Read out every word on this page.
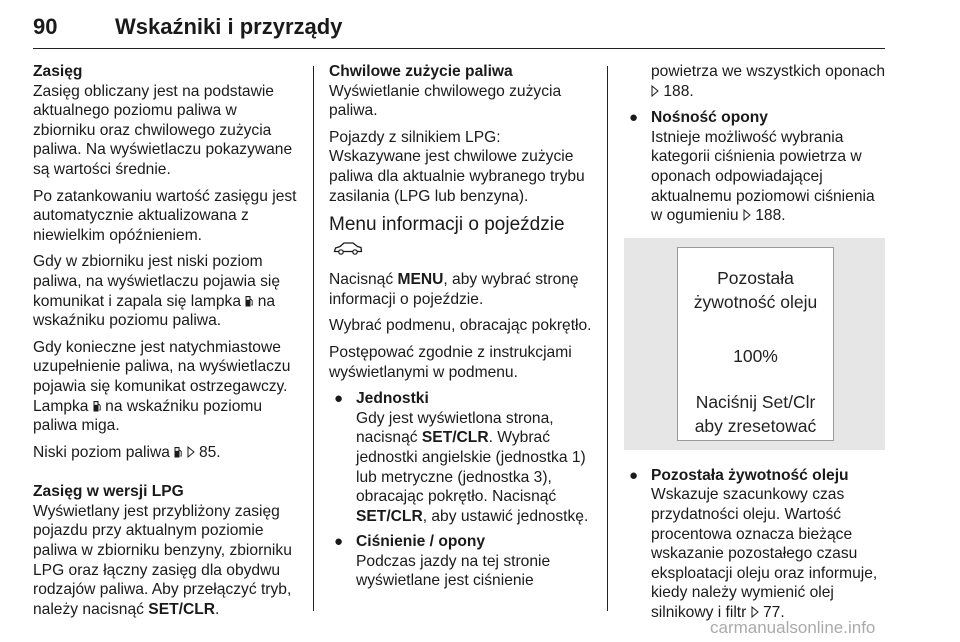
90	Wskaźniki i przyrządy
Zasięg

Zasięg obliczany jest na podstawie aktualnego poziomu paliwa w zbiorniku oraz chwilowego zużycia paliwa. Na wyświetlaczu pokazywane są wartości średnie.

Po zatankowaniu wartość zasięgu jest automatycznie aktualizowana z niewielkim opóźnieniem.

Gdy w zbiorniku jest niski poziom paliwa, na wyświetlaczu pojawia się komunikat i zapala się lampka  na wskaźniku poziomu paliwa.

Gdy konieczne jest natychmiastowe uzupełnienie paliwa, na wyświetlaczu pojawia się komunikat ostrzegawczy. Lampka  na wskaźniku poziomu paliwa miga.

Niski poziom paliwa   85.

Zasięg w wersji LPG

Wyświetlany jest przybliżony zasięg pojazdu przy aktualnym poziomie paliwa w zbiorniku benzyny, zbiorniku LPG oraz łączny zasięg dla obydwu rodzajów paliwa. Aby przełączyć tryb, należy nacisnąć SET/CLR.

Chwilowe zużycie paliwa

Wyświetlanie chwilowego zużycia paliwa.

Pojazdy z silnikiem LPG: Wskazywane jest chwilowe zużycie paliwa dla aktualnie wybranego trybu zasilania (LPG lub benzyna).

Menu informacji o pojeździe

Nacisnąć MENU, aby wybrać stronę informacji o pojeździe.

Wybrać podmenu, obracając pokrętło.

Postępować zgodnie z instrukcjami wyświetlanymi w podmenu.

● Jednostki
Gdy jest wyświetlona strona, nacisnąć SET/CLR. Wybrać jednostki angielskie (jednostka 1) lub metryczne (jednostka 3), obracając pokrętło. Nacisnąć SET/CLR, aby ustawić jednostkę.
● Ciśnienie / opony
Podczas jazdy na tej stronie wyświetlane jest ciśnienie

powietrza we wszystkich oponach  188.

● Nośność opony
Istnieje możliwość wybrania kategorii ciśnienia powietrza w oponach odpowiadającej aktualnemu poziomowi ciśnienia w ogumieniu  188.
Pozostała
żywotność oleju
100%
Naciśnij Set/Clr
aby zresetować
● Pozostała żywotność oleju
Wskazuje szacunkowy czas przydatności oleju. Wartość procentowa oznacza bieżące wskazanie pozostałego czasu eksploatacji oleju oraz informuje, kiedy należy wymienić olej silnikowy i filtr  77.
carmanualsonline.info
